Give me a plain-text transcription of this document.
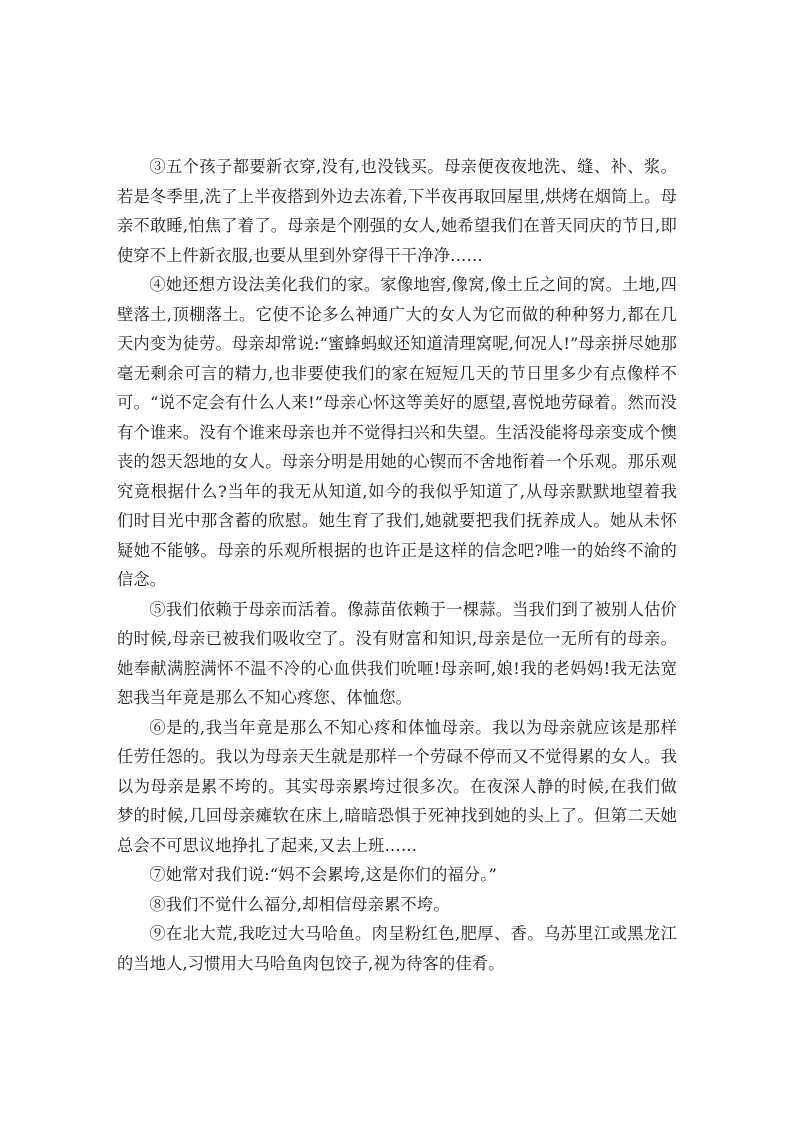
③五个孩子都要新衣穿,没有,也没钱买。母亲便夜夜地洗、缝、补、浆。若是冬季里,洗了上半夜搭到外边去冻着,下半夜再取回屋里,烘烤在烟筒上。母亲不敢睡,怕焦了着了。母亲是个刚强的女人,她希望我们在普天同庆的节日,即使穿不上件新衣服,也要从里到外穿得干干净净……

④她还想方设法美化我们的家。家像地窖,像窝,像土丘之间的窝。土地,四壁落土,顶棚落土。它使不论多么神通广大的女人为它而做的种种努力,都在几天内变为徒劳。母亲却常说:“蜜蜂蚂蚁还知道清理窝呢,何况人!”母亲拼尽她那毫无剩余可言的精力,也非要使我们的家在短短几天的节日里多少有点像样不可。“说不定会有什么人来!”母亲心怀这等美好的愿望,喜悦地劳碌着。然而没有个谁来。没有个谁来母亲也并不觉得扫兴和失望。生活没能将母亲变成个懊丧的怨天怨地的女人。母亲分明是用她的心锲而不舍地衔着一个乐观。那乐观究竟根据什么?当年的我无从知道,如今的我似乎知道了,从母亲默默地望着我们时目光中那含蓄的欣慰。她生育了我们,她就要把我们抚养成人。她从未怀疑她不能够。母亲的乐观所根据的也许正是这样的信念吧?唯一的始终不渝的信念。

⑤我们依赖于母亲而活着。像蒜苗依赖于一棵蒜。当我们到了被别人估价的时候,母亲已被我们吸收空了。没有财富和知识,母亲是位一无所有的母亲。她奉献满腔满怀不温不冷的心血供我们吮咂!母亲呵,娘!我的老妈妈!我无法宽恕我当年竟是那么不知心疼您、体恤您。

⑥是的,我当年竟是那么不知心疼和体恤母亲。我以为母亲就应该是那样任劳任怨的。我以为母亲天生就是那样一个劳碌不停而又不觉得累的女人。我以为母亲是累不垮的。其实母亲累垮过很多次。在夜深人静的时候,在我们做梦的时候,几回母亲瘫软在床上,暗暗恐惧于死神找到她的头上了。但第二天她总会不可思议地挣扎了起来,又去上班……

⑦她常对我们说:“妈不会累垮,这是你们的福分。”

⑧我们不觉什么福分,却相信母亲累不垮。

⑨在北大荒,我吃过大马哈鱼。肉呈粉红色,肥厚、香。乌苏里江或黑龙江的当地人,习惯用大马哈鱼肉包饺子,视为待客的佳肴。
